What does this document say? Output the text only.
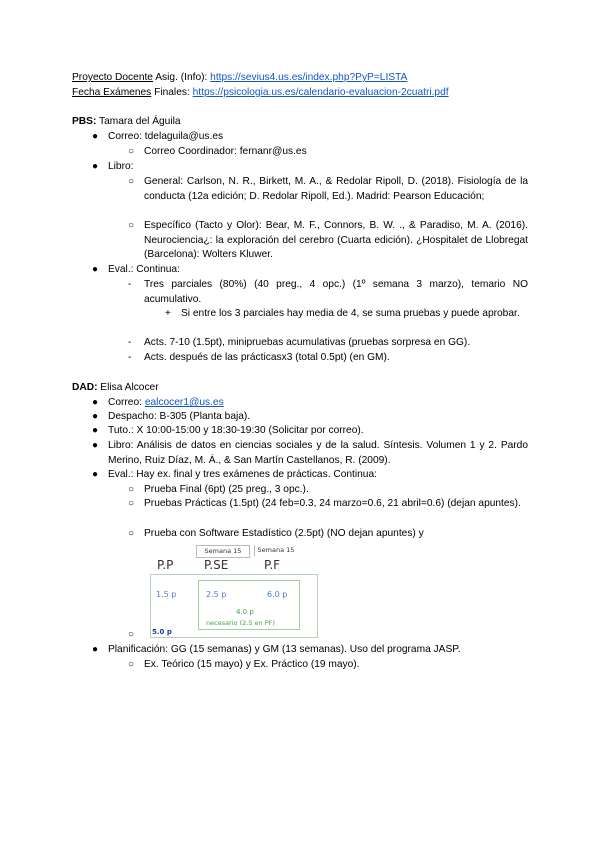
Proyecto Docente Asig. (Info): https://sevius4.us.es/index.php?PyP=LISTA
Fecha Exámenes Finales: https://psicologia.us.es/calendario-evaluacion-2cuatri.pdf
PBS: Tamara del Águila
● Correo: tdelaguila@us.es
○ Correo Coordinador: fernanr@us.es
● Libro:
○ General: Carlson, N. R., Birkett, M. A., & Redolar Ripoll, D. (2018). Fisiología de la conducta (12a edición; D. Redolar Ripoll, Ed.). Madrid: Pearson Educación;
○ Específico (Tacto y Olor): Bear, M. F., Connors, B. W. ., & Paradiso, M. A. (2016). Neurociencia¿: la exploración del cerebro (Cuarta edición). ¿Hospitalet de Llobregat (Barcelona): Wolters Kluwer.
● Eval.: Continua:
- Tres parciales (80%) (40 preg., 4 opc.) (1º semana 3 marzo), temario NO acumulativo.
+ Si entre los 3 parciales hay media de 4, se suma pruebas y puede aprobar.
- Acts. 7-10 (1.5pt), minipruebas acumulativas (pruebas sorpresa en GG).
- Acts. después de las prácticasx3 (total 0.5pt) (en GM).
DAD: Elisa Alcocer
● Correo: ealcocer1@us.es
● Despacho: B-305 (Planta baja).
● Tuto.: X 10:00-15:00 y 18:30-19:30 (Solicitar por correo).
● Libro: Análisis de datos en ciencias sociales y de la salud. Síntesis. Volumen 1 y 2. Pardo Merino, Ruiz Díaz, M. Á., & San Martín Castellanos, R. (2009).
● Eval.: Hay ex. final y tres exámenes de prácticas. Continua:
○ Prueba Final (6pt) (25 preg., 3 opc.).
○ Pruebas Prácticas (1.5pt) (24 feb=0.3, 24 marzo=0.6, 21 abril=0.6) (dejan apuntes).
○ Prueba con Software Estadístico (2.5pt) (NO dejan apuntes) y
Semana 15	Semana 15
P.P	P.SE	P.F
1.5 p	2.5 p	6.0 p
4.0 p
necesario (2.5 en PF)
5.0 p
○
● Planificación: GG (15 semanas) y GM (13 semanas). Uso del programa JASP.
○ Ex. Teórico (15 mayo) y Ex. Práctico (19 mayo).
